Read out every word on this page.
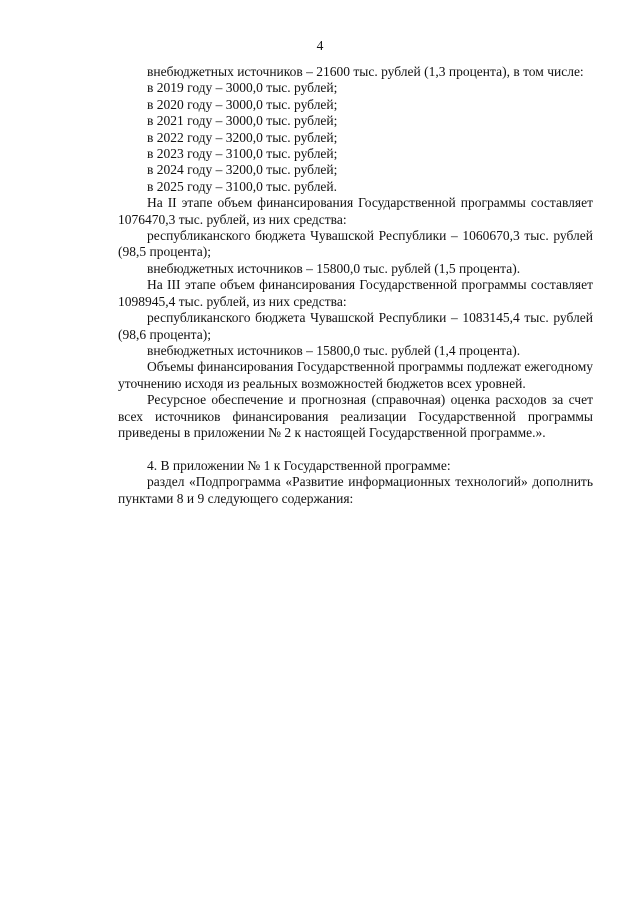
4

внебюджетных источников – 21600 тыс. рублей (1,3 процента), в том числе:

в 2019 году – 3000,0 тыс. рублей;
в 2020 году – 3000,0 тыс. рублей;
в 2021 году – 3000,0 тыс. рублей;
в 2022 году – 3200,0 тыс. рублей;
в 2023 году – 3100,0 тыс. рублей;
в 2024 году – 3200,0 тыс. рублей;
в 2025 году – 3100,0 тыс. рублей.

На II этапе объем финансирования Государственной программы составляет 1076470,3 тыс. рублей, из них средства:

республиканского бюджета Чувашской Республики – 1060670,3 тыс. рублей (98,5 процента);

внебюджетных источников – 15800,0 тыс. рублей (1,5 процента).

На III этапе объем финансирования Государственной программы составляет 1098945,4 тыс. рублей, из них средства:

республиканского бюджета Чувашской Республики – 1083145,4 тыс. рублей (98,6 процента);

внебюджетных источников – 15800,0 тыс. рублей (1,4 процента).

Объемы финансирования Государственной программы подлежат ежегодному уточнению исходя из реальных возможностей бюджетов всех уровней.

Ресурсное обеспечение и прогнозная (справочная) оценка расходов за счет всех источников финансирования реализации Государственной программы приведены в приложении № 2 к настоящей Государственной программе.».

4. В приложении № 1 к Государственной программе:

раздел «Подпрограмма «Развитие информационных технологий» дополнить пунктами 8 и 9 следующего содержания:
